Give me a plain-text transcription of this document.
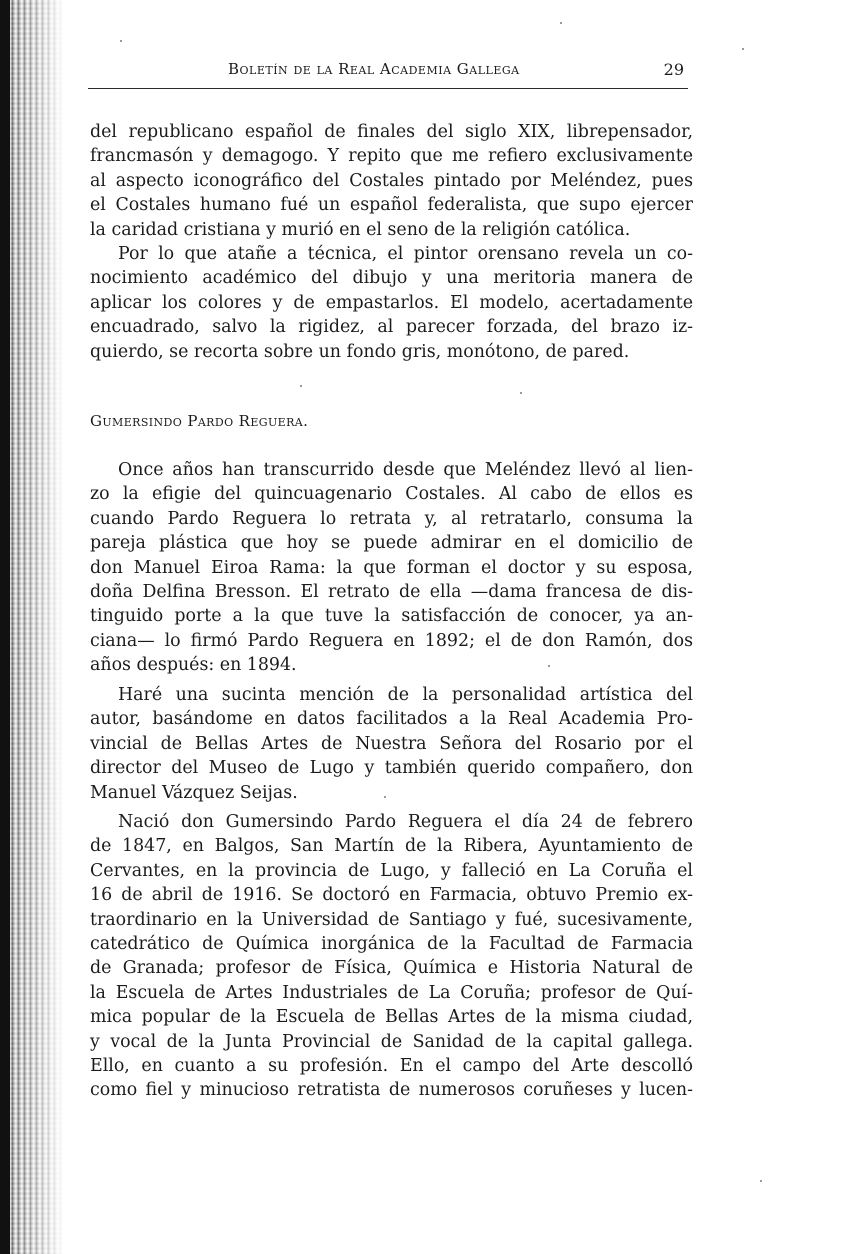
Boletín de la Real Academia Gallega	29
del republicano español de finales del siglo XIX, librepensador,
francmasón y demagogo. Y repito que me refiero exclusivamente
al aspecto iconográfico del Costales pintado por Meléndez, pues
el Costales humano fué un español federalista, que supo ejercer
la caridad cristiana y murió en el seno de la religión católica.
Por lo que atañe a técnica, el pintor orensano revela un co-
nocimiento académico del dibujo y una meritoria manera de
aplicar los colores y de empastarlos. El modelo, acertadamente
encuadrado, salvo la rigidez, al parecer forzada, del brazo iz-
quierdo, se recorta sobre un fondo gris, monótono, de pared.
Gumersindo Pardo Reguera.
Once años han transcurrido desde que Meléndez llevó al lien-
zo la efigie del quincuagenario Costales. Al cabo de ellos es
cuando Pardo Reguera lo retrata y, al retratarlo, consuma la
pareja plástica que hoy se puede admirar en el domicilio de
don Manuel Eiroa Rama: la que forman el doctor y su esposa,
doña Delfina Bresson. El retrato de ella —dama francesa de dis-
tinguido porte a la que tuve la satisfacción de conocer, ya an-
ciana— lo firmó Pardo Reguera en 1892; el de don Ramón, dos
años después: en 1894.
Haré una sucinta mención de la personalidad artística del
autor, basándome en datos facilitados a la Real Academia Pro-
vincial de Bellas Artes de Nuestra Señora del Rosario por el
director del Museo de Lugo y también querido compañero, don
Manuel Vázquez Seijas.
Nació don Gumersindo Pardo Reguera el día 24 de febrero
de 1847, en Balgos, San Martín de la Ribera, Ayuntamiento de
Cervantes, en la provincia de Lugo, y falleció en La Coruña el
16 de abril de 1916. Se doctoró en Farmacia, obtuvo Premio ex-
traordinario en la Universidad de Santiago y fué, sucesivamente,
catedrático de Química inorgánica de la Facultad de Farmacia
de Granada; profesor de Física, Química e Historia Natural de
la Escuela de Artes Industriales de La Coruña; profesor de Quí-
mica popular de la Escuela de Bellas Artes de la misma ciudad,
y vocal de la Junta Provincial de Sanidad de la capital gallega.
Ello, en cuanto a su profesión. En el campo del Arte descolló
como fiel y minucioso retratista de numerosos coruñeses y lucen-
